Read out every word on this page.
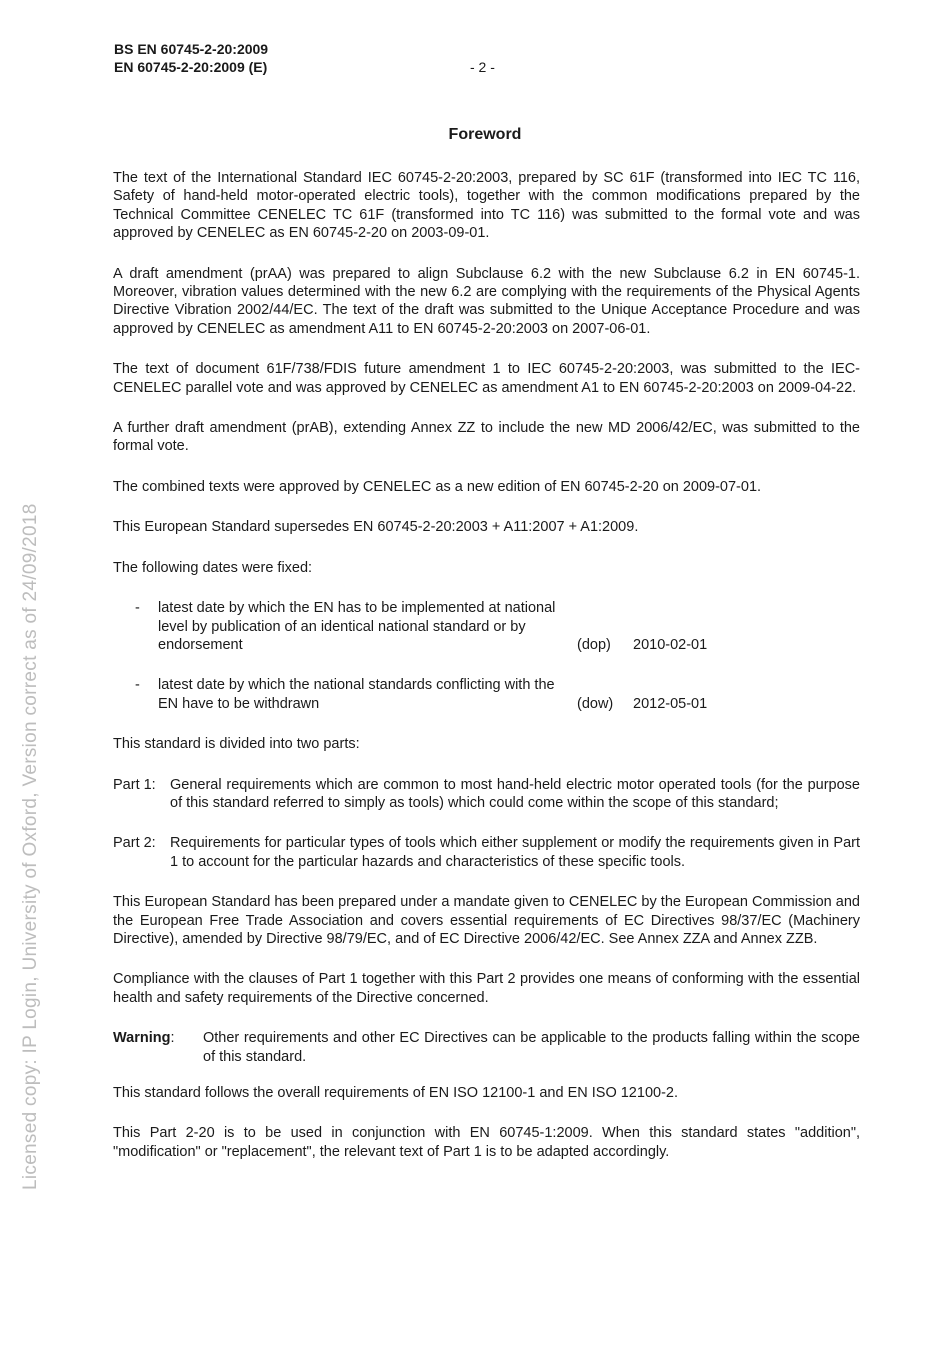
Licensed copy: IP Login, University of Oxford, Version correct as of 24/09/2018
BS EN 60745-2-20:2009
EN 60745-2-20:2009 (E)	- 2 -
Foreword

The text of the International Standard IEC 60745-2-20:2003, prepared by SC 61F (transformed into IEC TC 116, Safety of hand-held motor-operated electric tools), together with the common modifications prepared by the Technical Committee CENELEC TC 61F (transformed into TC 116) was submitted to the formal vote and was approved by CENELEC as EN 60745-2-20 on 2003-09-01.

A draft amendment (prAA) was prepared to align Subclause 6.2 with the new Subclause 6.2 in EN 60745-1. Moreover, vibration values determined with the new 6.2 are complying with the requirements of the Physical Agents Directive Vibration 2002/44/EC. The text of the draft was submitted to the Unique Acceptance Procedure and was approved by CENELEC as amendment A11 to EN 60745-2-20:2003 on 2007-06-01.

The text of document 61F/738/FDIS future amendment 1 to IEC 60745-2-20:2003, was submitted to the IEC-CENELEC parallel vote and was approved by CENELEC as amendment A1 to EN 60745-2-20:2003 on 2009-04-22.

A further draft amendment (prAB), extending Annex ZZ to include the new MD 2006/42/EC, was submitted to the formal vote.

The combined texts were approved by CENELEC as a new edition of EN 60745-2-20 on 2009-07-01.

This European Standard supersedes EN 60745-2-20:2003 + A11:2007 + A1:2009.

The following dates were fixed:

-	latest date by which the EN has to be implemented at national level by publication of an identical national standard or by endorsement	(dop)	2010-02-01
-	latest date by which the national standards conflicting with the EN have to be withdrawn	(dow)	2012-05-01

This standard is divided into two parts:

Part 1: General requirements which are common to most hand-held electric motor operated tools (for the purpose of this standard referred to simply as tools) which could come within the scope of this standard;
Part 2: Requirements for particular types of tools which either supplement or modify the requirements given in Part 1 to account for the particular hazards and characteristics of these specific tools.

This European Standard has been prepared under a mandate given to CENELEC by the European Commission and the European Free Trade Association and covers essential requirements of EC Directives 98/37/EC (Machinery Directive), amended by Directive 98/79/EC, and of EC Directive 2006/42/EC. See Annex ZZA and Annex ZZB.

Compliance with the clauses of Part 1 together with this Part 2 provides one means of conforming with the essential health and safety requirements of the Directive concerned.

Warning:	Other requirements and other EC Directives can be applicable to the products falling within the scope of this standard.

This standard follows the overall requirements of EN ISO 12100-1 and EN ISO 12100-2.

This Part 2-20 is to be used in conjunction with EN 60745-1:2009. When this standard states "addition", "modification" or "replacement", the relevant text of Part 1 is to be adapted accordingly.
